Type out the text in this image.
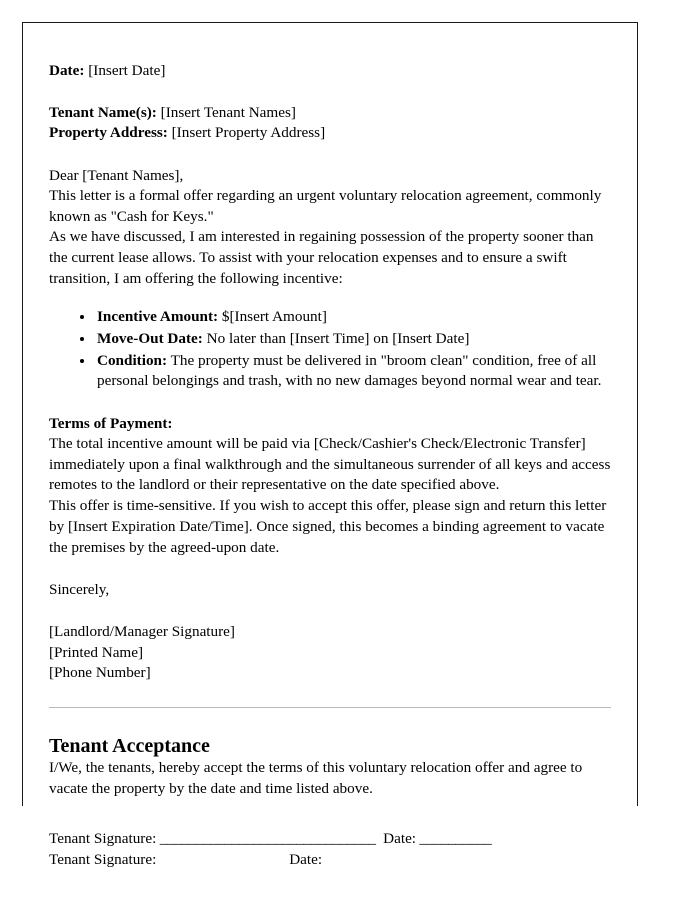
Date: [Insert Date]
Tenant Name(s): [Insert Tenant Names]
Property Address: [Insert Property Address]
Dear [Tenant Names],

This letter is a formal offer regarding an urgent voluntary relocation agreement, commonly known as "Cash for Keys."

As we have discussed, I am interested in regaining possession of the property sooner than the current lease allows. To assist with your relocation expenses and to ensure a swift transition, I am offering the following incentive:

• Incentive Amount: $[Insert Amount]
• Move-Out Date: No later than [Insert Time] on [Insert Date]
• Condition: The property must be delivered in "broom clean" condition, free of all personal belongings and trash, with no new damages beyond normal wear and tear.
Terms of Payment:

The total incentive amount will be paid via [Check/Cashier's Check/Electronic Transfer] immediately upon a final walkthrough and the simultaneous surrender of all keys and access remotes to the landlord or their representative on the date specified above.

This offer is time-sensitive. If you wish to accept this offer, please sign and return this letter by [Insert Expiration Date/Time]. Once signed, this becomes a binding agreement to vacate the premises by the agreed-upon date.

Sincerely,
[Landlord/Manager Signature]
[Printed Name]
[Phone Number]
Tenant Acceptance

I/We, the tenants, hereby accept the terms of this voluntary relocation offer and agree to vacate the property by the date and time listed above.

Tenant Signature: ______________________________ Date: __________
Tenant Signature:	Date:
